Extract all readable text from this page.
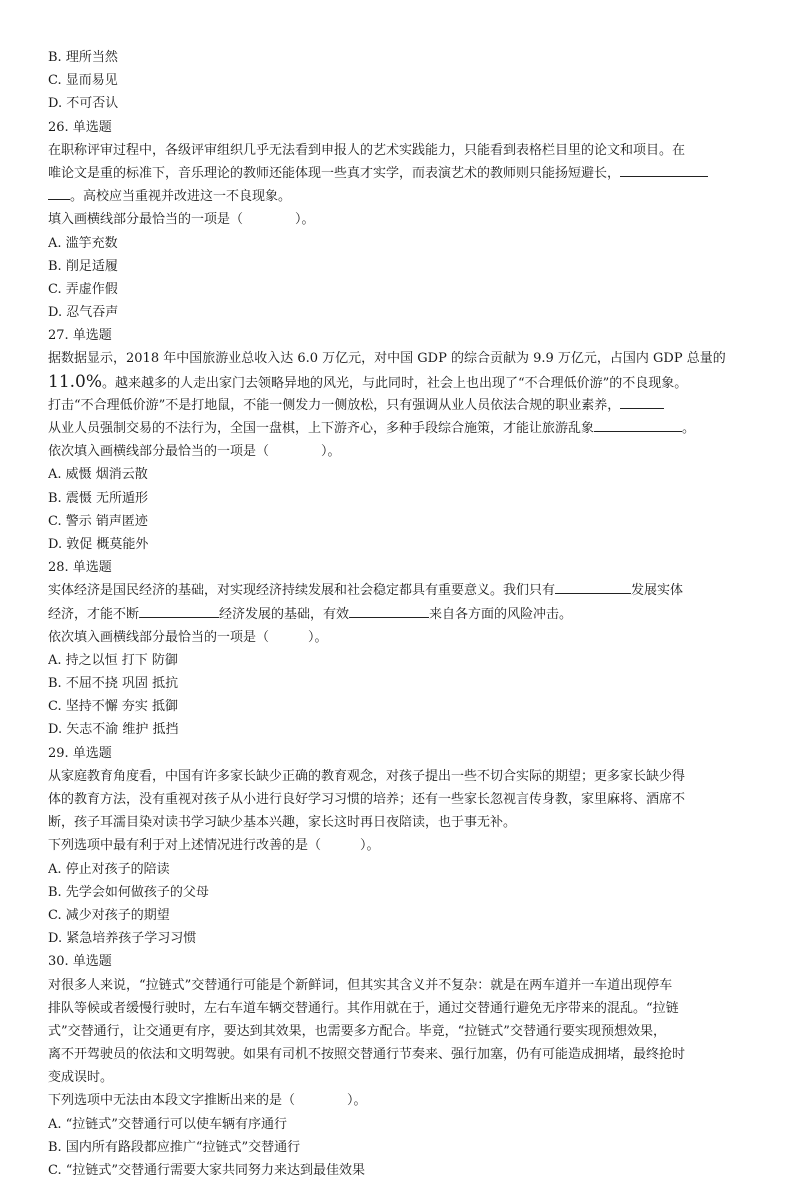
B. 理所当然
C. 显而易见
D. 不可否认
26. 单选题
在职称评审过程中，各级评审组织几乎无法看到申报人的艺术实践能力，只能看到表格栏目里的论文和项目。在
唯论文是重的标准下，音乐理论的教师还能体现一些真才实学，而表演艺术的教师则只能扬短避长，
。高校应当重视并改进这一不良现象。
填入画横线部分最恰当的一项是（　　　　）。
A. 滥竽充数
B. 削足适履
C. 弄虚作假
D. 忍气吞声
27. 单选题
据数据显示，2018 年中国旅游业总收入达 6.0 万亿元，对中国 GDP 的综合贡献为 9.9 万亿元，占国内 GDP 总量的
11.0%。越来越多的人走出家门去领略异地的风光，与此同时，社会上也出现了“不合理低价游”的不良现象。
打击“不合理低价游”不是打地鼠，不能一侧发力一侧放松，只有强调从业人员依法合规的职业素养，
从业人员强制交易的不法行为，全国一盘棋，上下游齐心，多种手段综合施策，才能让旅游乱象	。
依次填入画横线部分最恰当的一项是（　　　　）。
A. 威慑 烟消云散
B. 震慑 无所遁形
C. 警示 销声匿迹
D. 敦促 概莫能外
28. 单选题
实体经济是国民经济的基础，对实现经济持续发展和社会稳定都具有重要意义。我们只有	发展实体
经济，才能不断	经济发展的基础，有效	来自各方面的风险冲击。
依次填入画横线部分最恰当的一项是（　　　）。
A. 持之以恒 打下 防御
B. 不屈不挠 巩固 抵抗
C. 坚持不懈 夯实 抵御
D. 矢志不渝 维护 抵挡
29. 单选题
从家庭教育角度看，中国有许多家长缺少正确的教育观念，对孩子提出一些不切合实际的期望；更多家长缺少得
体的教育方法，没有重视对孩子从小进行良好学习习惯的培养；还有一些家长忽视言传身教，家里麻将、酒席不
断，孩子耳濡目染对读书学习缺少基本兴趣，家长这时再日夜陪读，也于事无补。
下列选项中最有利于对上述情况进行改善的是（　　　）。
A. 停止对孩子的陪读
B. 先学会如何做孩子的父母
C. 减少对孩子的期望
D. 紧急培养孩子学习习惯
30. 单选题
对很多人来说，“拉链式”交替通行可能是个新鲜词，但其实其含义并不复杂：就是在两车道并一车道出现停车
排队等候或者缓慢行驶时，左右车道车辆交替通行。其作用就在于，通过交替通行避免无序带来的混乱。“拉链
式”交替通行，让交通更有序，要达到其效果，也需要多方配合。毕竟，“拉链式”交替通行要实现预想效果，
离不开驾驶员的依法和文明驾驶。如果有司机不按照交替通行节奏来、强行加塞，仍有可能造成拥堵，最终抢时
变成误时。
下列选项中无法由本段文字推断出来的是（　　　　）。
A. “拉链式”交替通行可以使车辆有序通行
B. 国内所有路段都应推广“拉链式”交替通行
C. “拉链式”交替通行需要大家共同努力来达到最佳效果
